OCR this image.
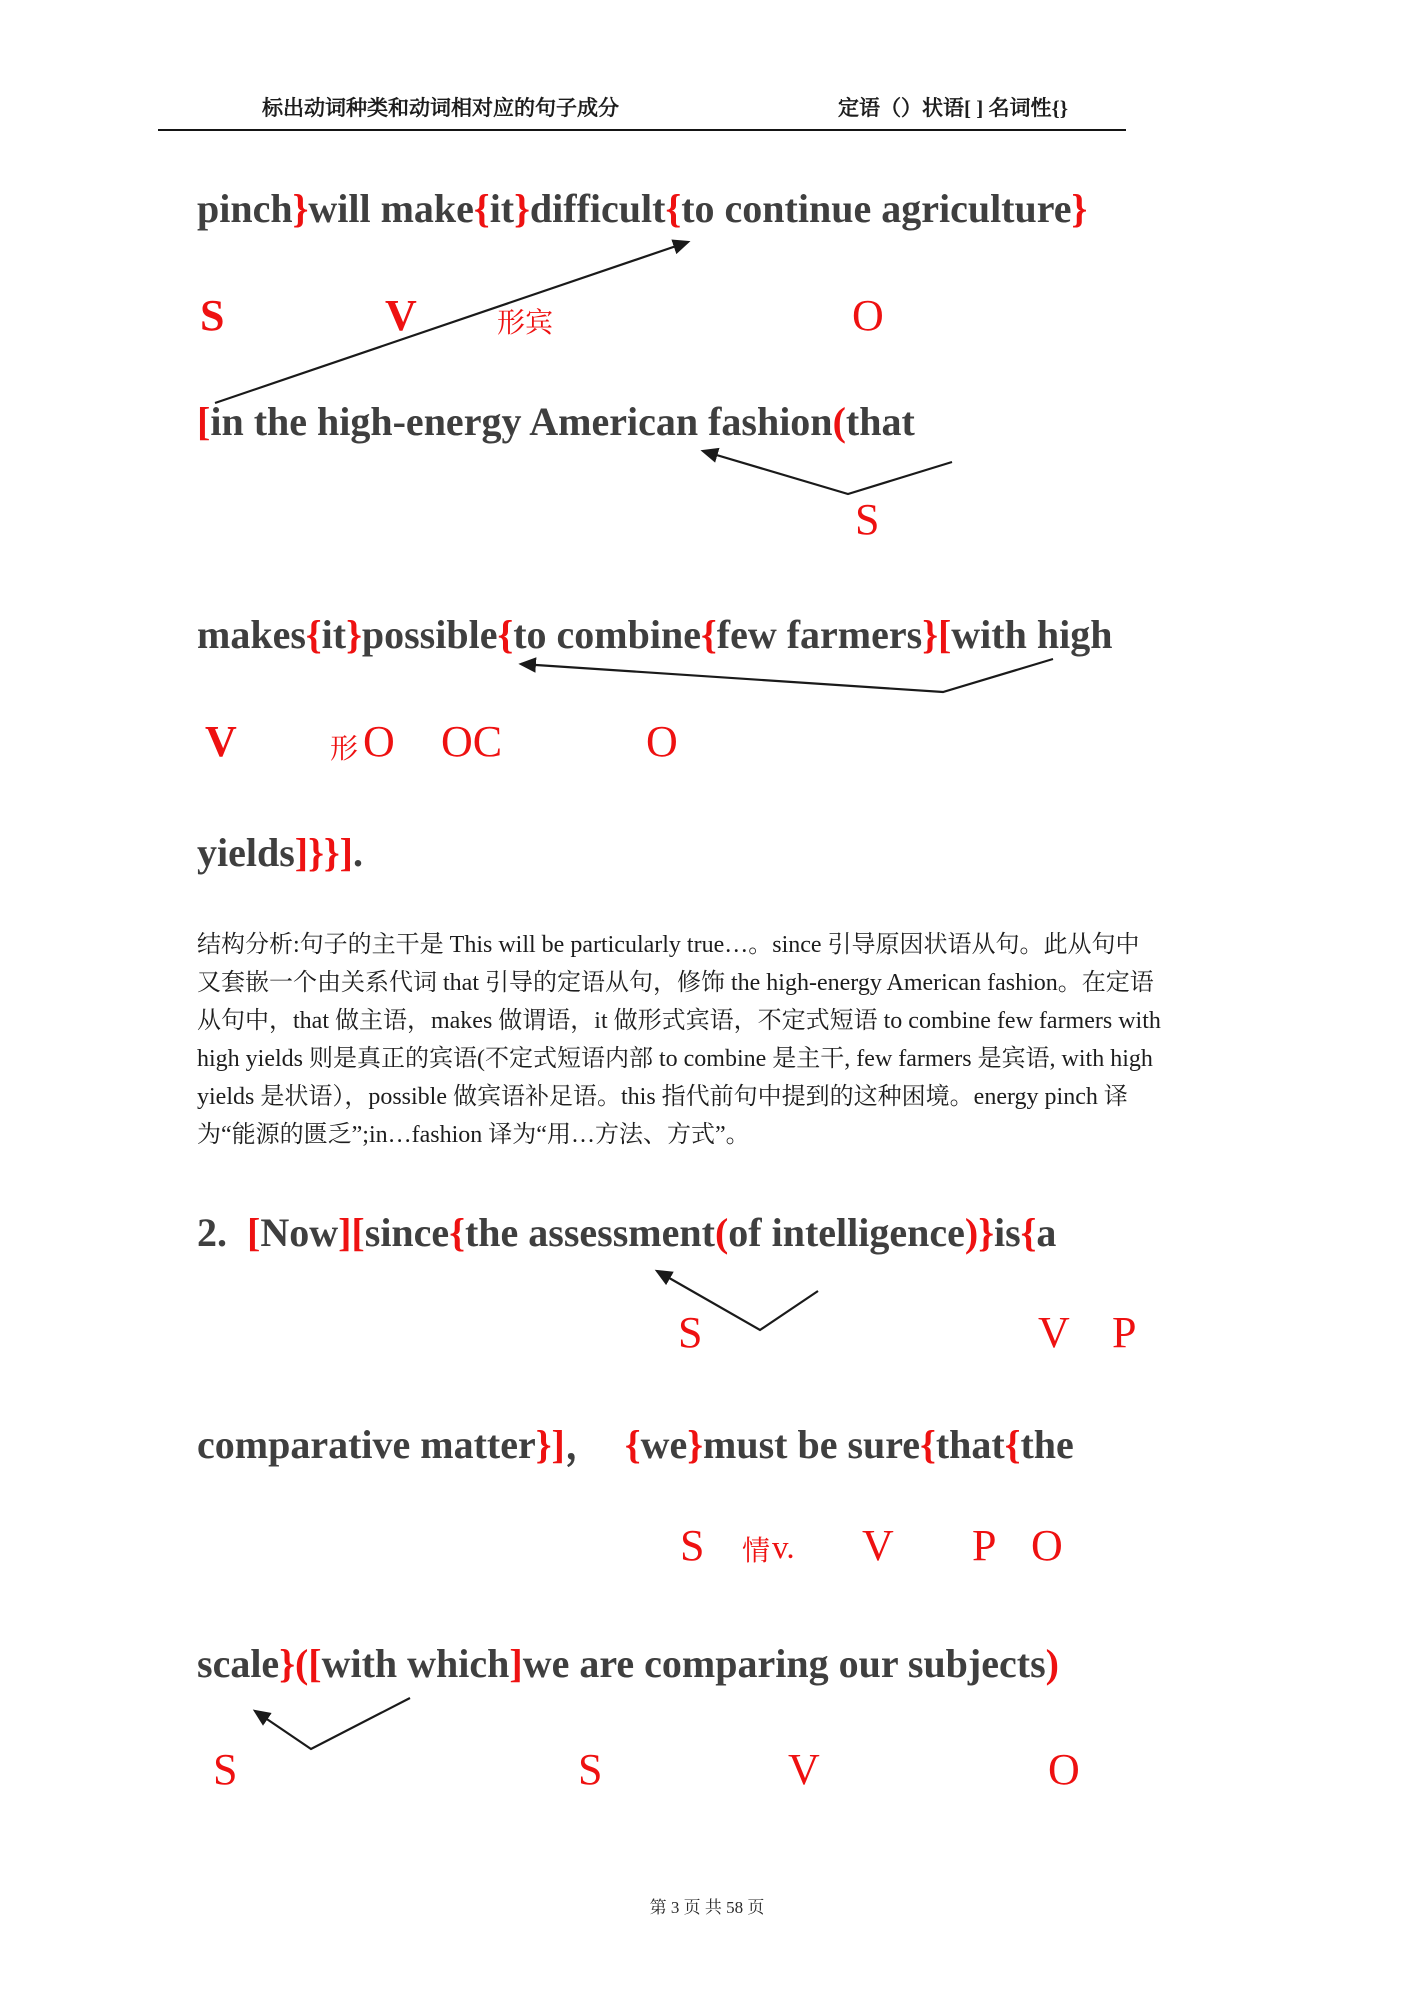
标出动词种类和动词相对应的句子成分	定语（）状语[ ] 名词性{}
pinch}will make{it}difficult{to continue agriculture}
S	V	形宾	O
[in the high-energy American fashion(that
S
makes{it}possible{to combine{few farmers}[with high
V	形 O OC	O
yields]}}].
结构分析:句子的主干是 This will be particularly true…。since 引导原因状语从句。此从句中
又套嵌一个由关系代词 that 引导的定语从句，修饰 the high-energy American fashion。在定语
从句中，that 做主语，makes 做谓语，it 做形式宾语，不定式短语 to combine few farmers with
high yields 则是真正的宾语(不定式短语内部 to combine 是主干, few farmers 是宾语, with high
yields 是状语），possible 做宾语补足语。this 指代前句中提到的这种困境。energy pinch 译
为“能源的匮乏”;in…fashion 译为“用…方法、方式”。
2.  [Now][since{the assessment(of intelligence)}is{a
S	V P
comparative matter}]，  {we}must be sure{that{the
S 情 v. V P O
scale}([with which]we are comparing our subjects)
S	S	V	O
第 3 页 共 58 页
